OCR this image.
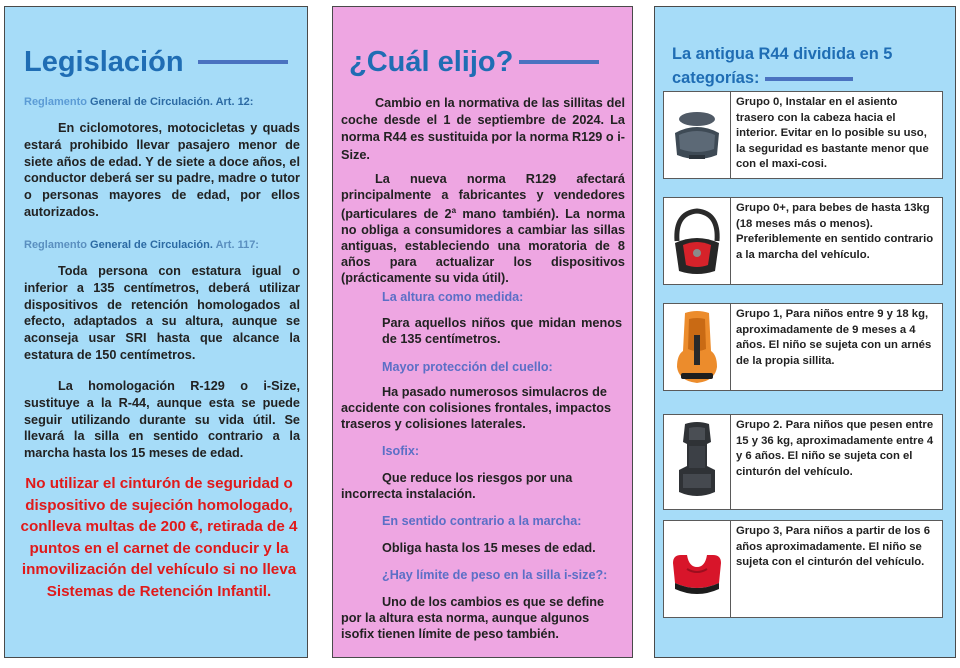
Legislación
Reglamento General de Circulación. Art. 12:

En ciclomotores, motocicletas y quads estará prohibido llevar pasajero menor de siete años de edad. Y de siete a doce años, el conductor deberá ser su padre, madre o tutor o personas mayores de edad, por ellos autorizados.

Reglamento General de Circulación. Art. 117:

Toda persona con estatura igual o inferior a 135 centímetros, deberá utilizar dispositivos de retención homologados al efecto, adaptados a su altura, aunque se aconseja usar SRI hasta que alcance la estatura de 150 centímetros.

La homologación R-129 o i-Size, sustituye a la R-44, aunque esta se puede seguir utilizando durante su vida útil. Se llevará la silla en sentido contrario a la marcha hasta los 15 meses de edad.

No utilizar el cinturón de seguridad o dispositivo de sujeción homologado, conlleva multas de 200 €, retirada de 4 puntos en el carnet de conducir y la inmovilización del vehículo si no lleva Sistemas de Retención Infantil.

¿Cuál elijo?

Cambio en la normativa de las sillitas del coche desde el 1 de septiembre de 2024. La norma R44 es sustituida por la norma R129 o i-Size.

La nueva norma R129 afectará principalmente a fabricantes y vendedores (particulares de 2$^a$ mano también). La norma no obliga a consumidores a cambiar las sillas antiguas, estableciendo una moratoria de 8 años para actualizar los dispositivos (prácticamente su vida útil).

La altura como medida:

Para aquellos niños que midan menos de 135 centímetros.

Mayor protección del cuello:

Ha pasado numerosos simulacros de accidente con colisiones frontales, impactos traseros y colisiones laterales.

Isofix:

Que reduce los riesgos por una incorrecta instalación.

En sentido contrario a la marcha:

Obliga hasta los 15 meses de edad.

¿Hay límite de peso en la silla i-size?:

Uno de los cambios es que se define por la altura esta norma, aunque algunos isofix tienen límite de peso también.

La antigua R44 dividida en 5

categorías:

Grupo 0, Instalar en el asiento trasero con la cabeza hacia el interior. Evitar en lo posible su uso, la seguridad es bastante menor que con el maxi-cosi.
Grupo 0+, para bebes de hasta 13kg (18 meses más o menos). Preferiblemente en sentido contrario a la marcha del vehículo.
Grupo 1, Para niños entre 9 y 18 kg, aproximadamente de 9 meses a 4 años. El niño se sujeta con un arnés de la propia sillita.
Grupo 2. Para niños que pesen entre 15 y 36 kg, aproximadamente entre 4 y 6 años. El niño se sujeta con el cinturón del vehículo.
Grupo 3, Para niños a partir de los 6 años aproximadamente. El niño se sujeta con el cinturón del vehículo.
